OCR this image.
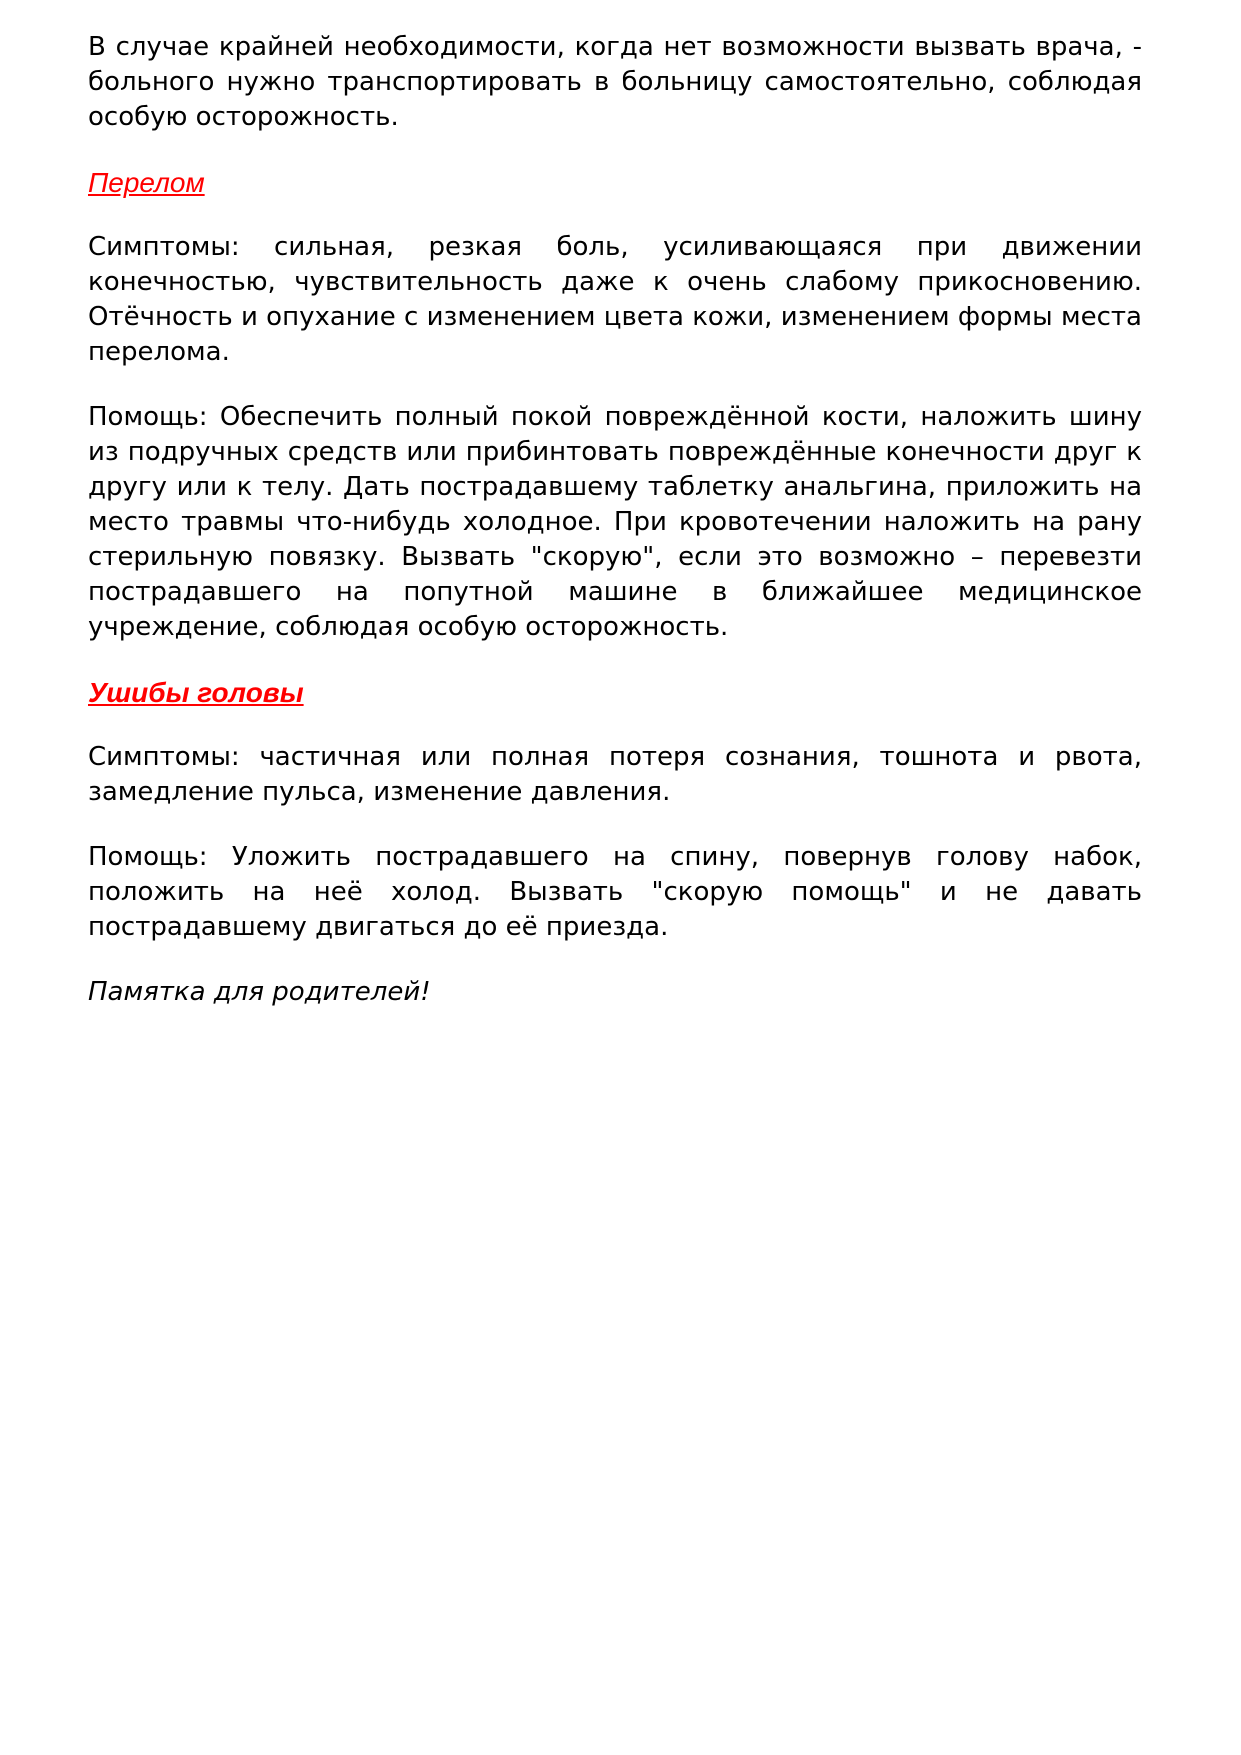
В случае крайней необходимости, когда нет возможности вызвать врача, - больного нужно транспортировать в больницу самостоятельно, соблюдая особую осторожность.

Перелом

Симптомы: сильная, резкая боль, усиливающаяся при движении конечностью, чувствительность даже к очень слабому прикосновению. Отёчность и опухание с изменением цвета кожи, изменением формы места перелома.

Помощь: Обеспечить полный покой повреждённой кости, наложить шину из подручных средств или прибинтовать повреждённые конечности друг к другу или к телу. Дать пострадавшему таблетку анальгина, приложить на место травмы что-нибудь холодное. При кровотечении наложить на рану стерильную повязку. Вызвать "скорую", если это возможно – перевезти пострадавшего на попутной машине в ближайшее медицинское учреждение, соблюдая особую осторожность.

Ушибы головы

Симптомы: частичная или полная потеря сознания, тошнота и рвота, замедление пульса, изменение давления.

Помощь: Уложить пострадавшего на спину, повернув голову набок, положить на неё холод. Вызвать "скорую помощь" и не давать пострадавшему двигаться до её приезда.

Памятка для родителей!
